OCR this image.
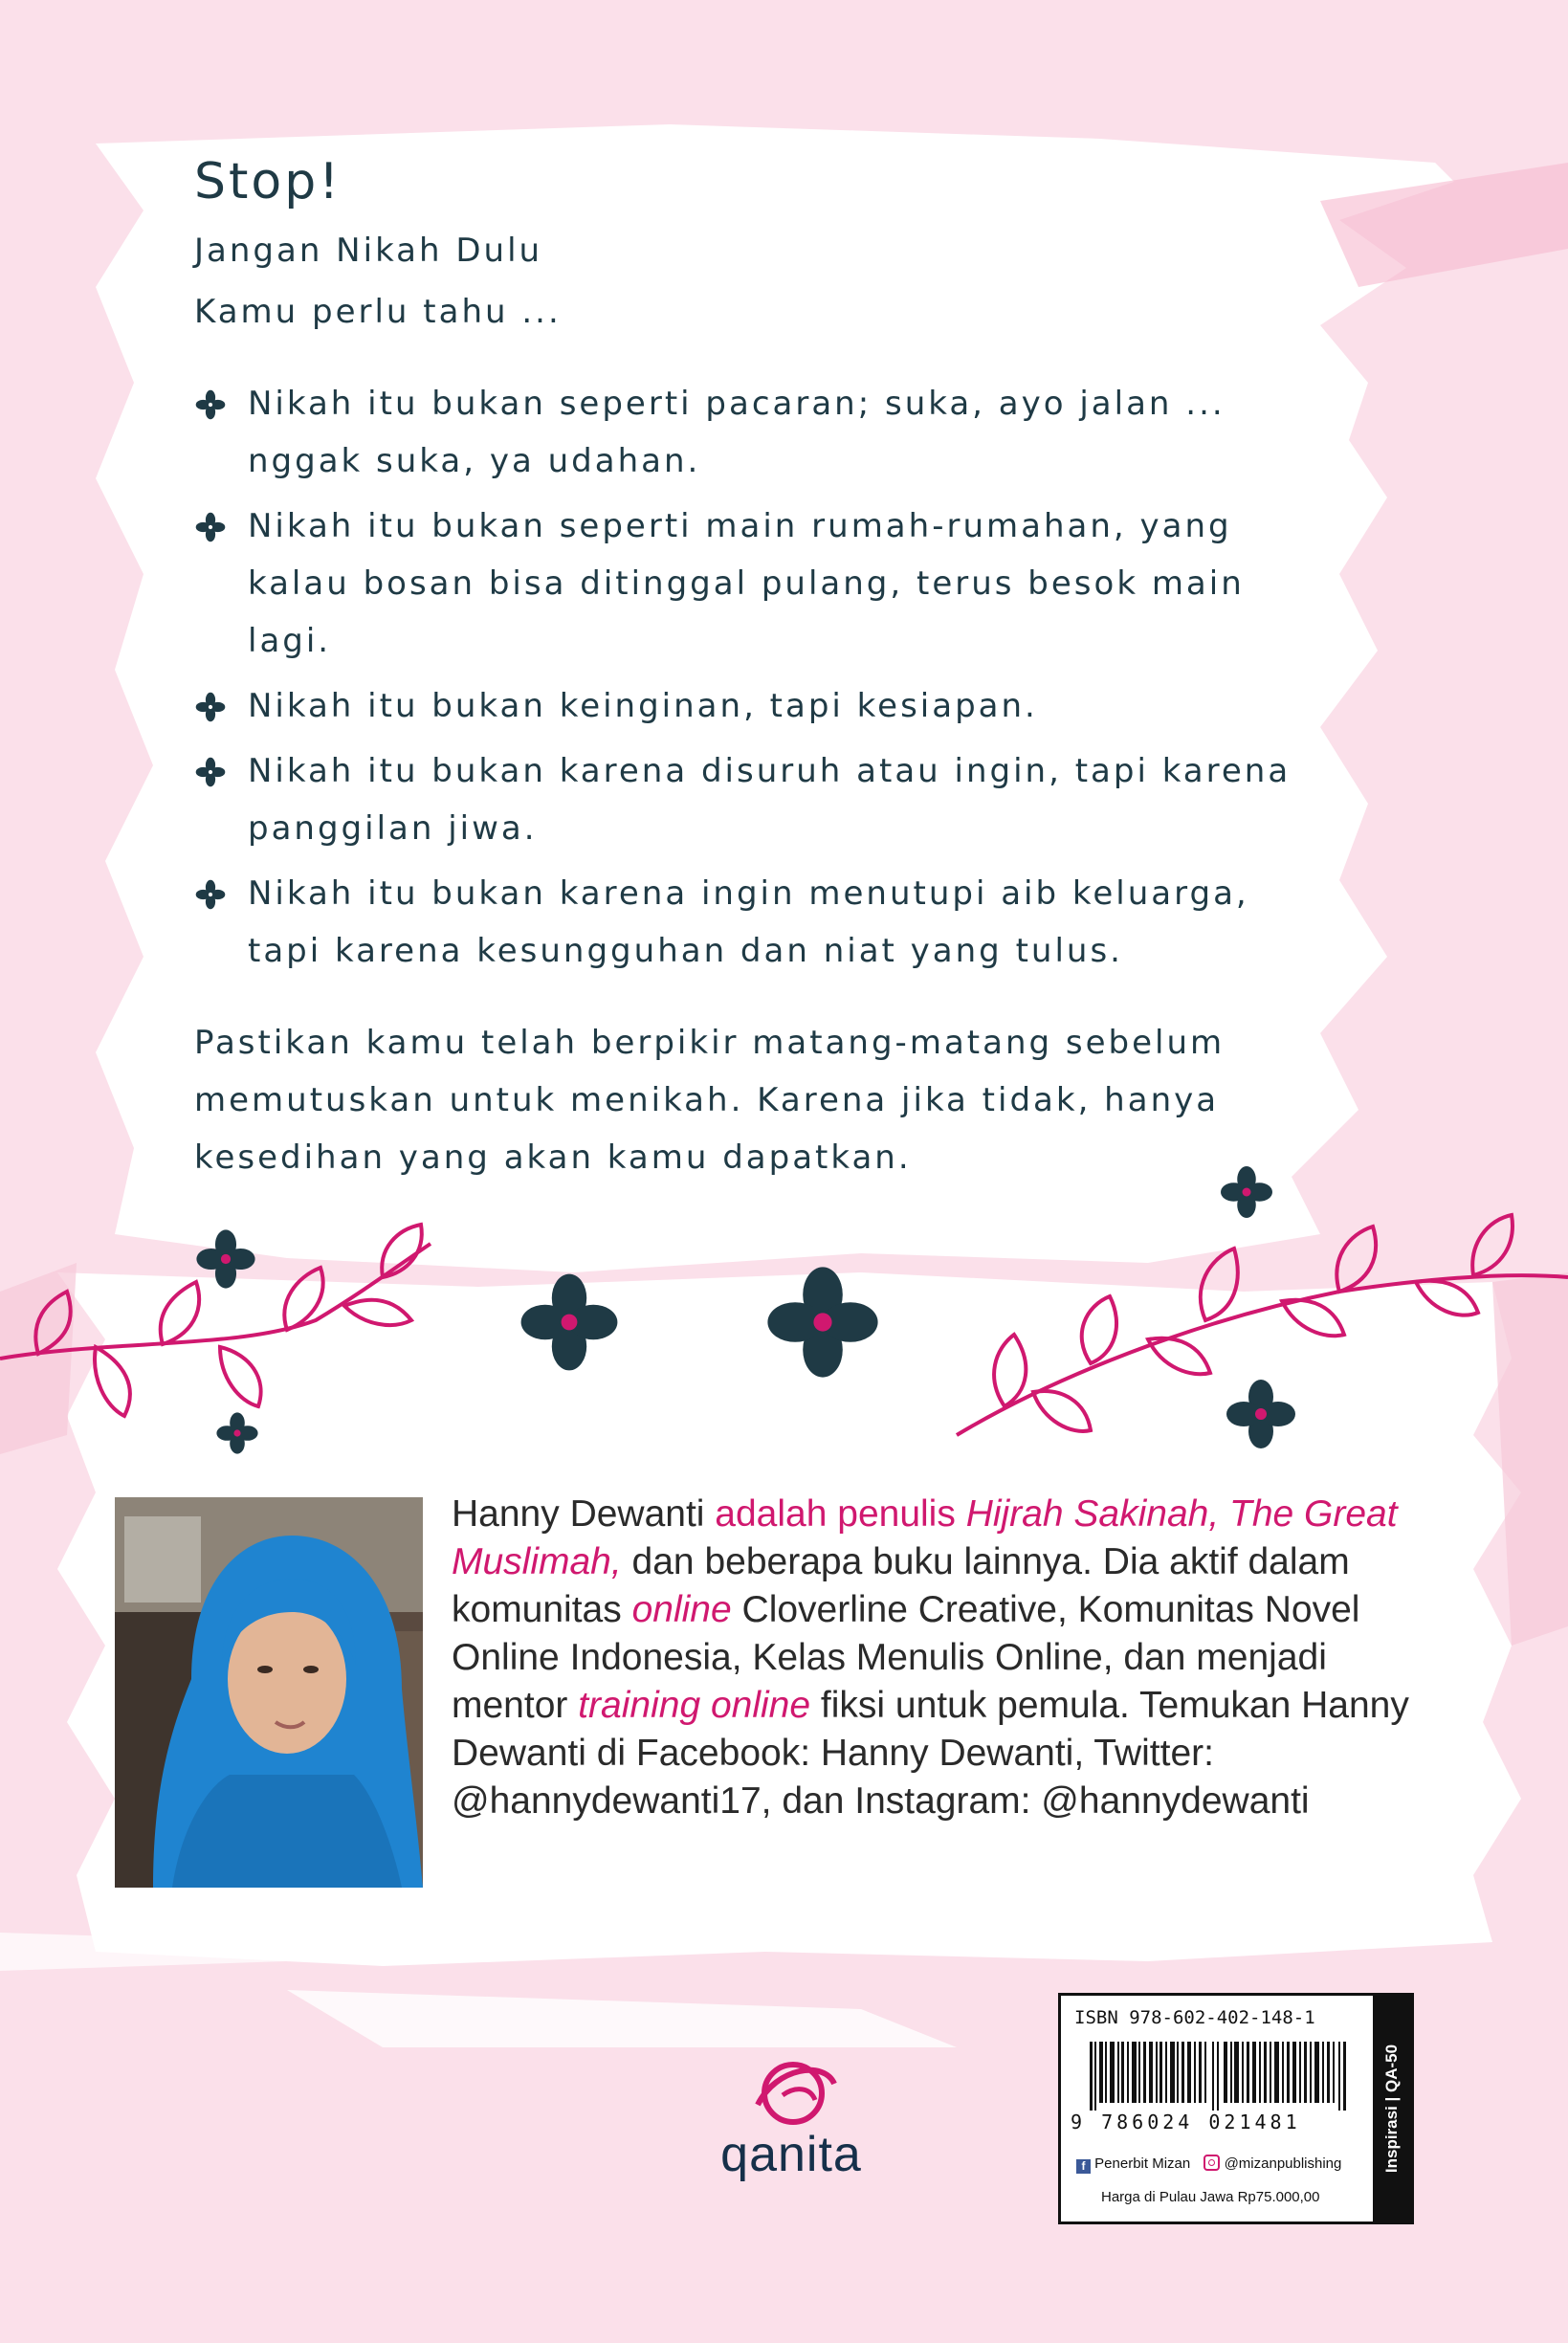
Stop!
Jangan Nikah Dulu
Kamu perlu tahu ...
Nikah itu bukan seperti pacaran; suka, ayo jalan ... nggak suka, ya udahan.
Nikah itu bukan seperti main rumah-rumahan, yang kalau bosan bisa ditinggal pulang, terus besok main lagi.
Nikah itu bukan keinginan, tapi kesiapan.
Nikah itu bukan karena disuruh atau ingin, tapi karena panggilan jiwa.
Nikah itu bukan karena ingin menutupi aib keluarga, tapi karena kesungguhan dan niat yang tulus.

Pastikan kamu telah berpikir matang-matang sebelum memutuskan untuk menikah. Karena jika tidak, hanya kesedihan yang akan kamu dapatkan.

Hanny Dewanti adalah penulis Hijrah Sakinah, The Great Muslimah, dan beberapa buku lainnya. Dia aktif dalam komunitas online Cloverline Creative, Komunitas Novel Online Indonesia, Kelas Menulis Online, dan menjadi mentor training online fiksi untuk pemula. Temukan Hanny Dewanti di Facebook: Hanny Dewanti, Twitter: @hannydewanti17, dan Instagram: @hannydewanti

qanita
ISBN 978-602-402-148-1
9 786024 021481
f Penerbit Mizan @mizanpublishing
Harga di Pulau Jawa Rp75.000,00
Inspirasi | QA-50
